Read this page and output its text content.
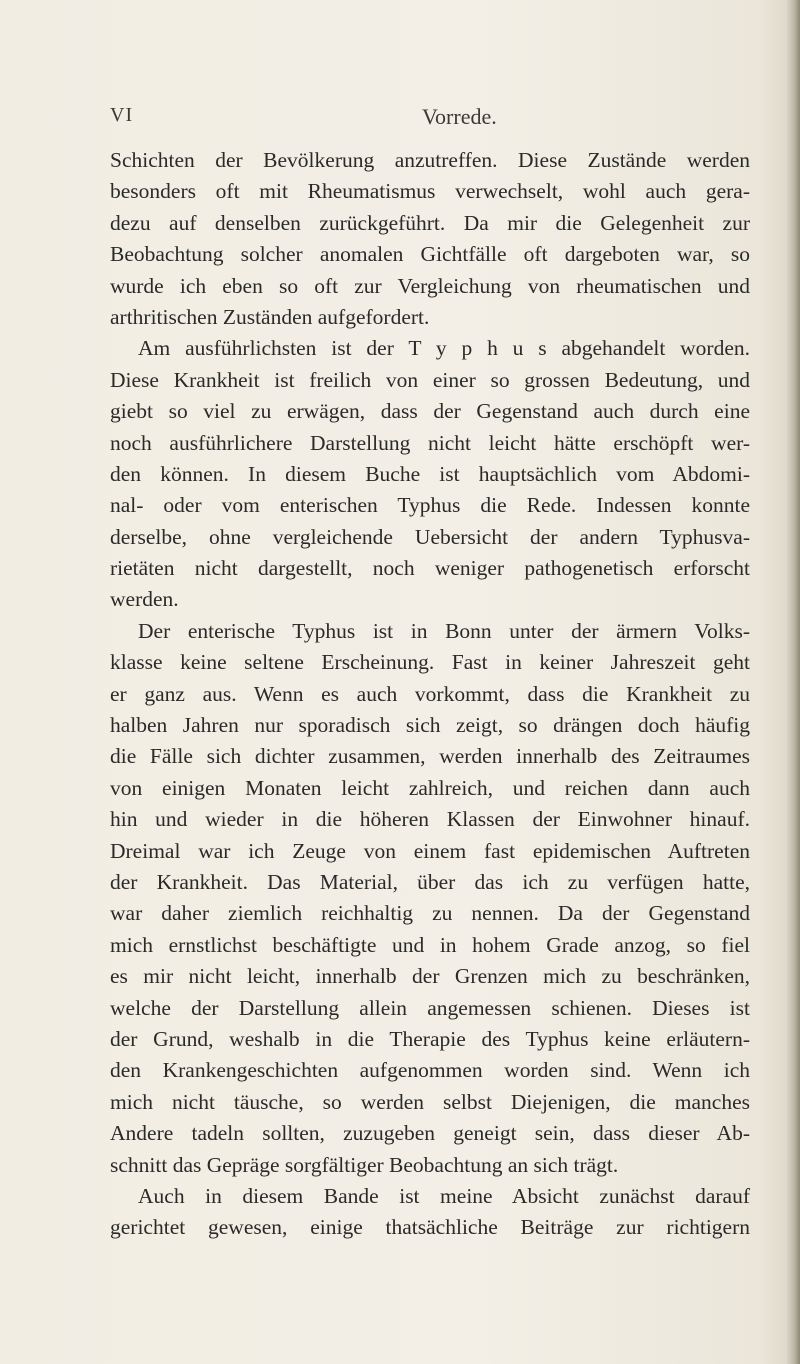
VI	Vorrede.
Schichten der Bevölkerung anzutreffen. Diese Zustände werden
besonders oft mit Rheumatismus verwechselt, wohl auch gera-
dezu auf denselben zurückgeführt. Da mir die Gelegenheit zur
Beobachtung solcher anomalen Gichtfälle oft dargeboten war, so
wurde ich eben so oft zur Vergleichung von rheumatischen und
arthritischen Zuständen aufgefordert.
Am ausführlichsten ist der T y p h u s abgehandelt worden.
Diese Krankheit ist freilich von einer so grossen Bedeutung, und
giebt so viel zu erwägen, dass der Gegenstand auch durch eine
noch ausführlichere Darstellung nicht leicht hätte erschöpft wer-
den können. In diesem Buche ist hauptsächlich vom Abdomi-
nal- oder vom enterischen Typhus die Rede. Indessen konnte
derselbe, ohne vergleichende Uebersicht der andern Typhusva-
rietäten nicht dargestellt, noch weniger pathogenetisch erforscht
werden.
Der enterische Typhus ist in Bonn unter der ärmern Volks-
klasse keine seltene Erscheinung. Fast in keiner Jahreszeit geht
er ganz aus. Wenn es auch vorkommt, dass die Krankheit zu
halben Jahren nur sporadisch sich zeigt, so drängen doch häufig
die Fälle sich dichter zusammen, werden innerhalb des Zeitraumes
von einigen Monaten leicht zahlreich, und reichen dann auch
hin und wieder in die höheren Klassen der Einwohner hinauf.
Dreimal war ich Zeuge von einem fast epidemischen Auftreten
der Krankheit. Das Material, über das ich zu verfügen hatte,
war daher ziemlich reichhaltig zu nennen. Da der Gegenstand
mich ernstlichst beschäftigte und in hohem Grade anzog, so fiel
es mir nicht leicht, innerhalb der Grenzen mich zu beschränken,
welche der Darstellung allein angemessen schienen. Dieses ist
der Grund, weshalb in die Therapie des Typhus keine erläutern-
den Krankengeschichten aufgenommen worden sind. Wenn ich
mich nicht täusche, so werden selbst Diejenigen, die manches
Andere tadeln sollten, zuzugeben geneigt sein, dass dieser Ab-
schnitt das Gepräge sorgfältiger Beobachtung an sich trägt.
Auch in diesem Bande ist meine Absicht zunächst darauf
gerichtet gewesen, einige thatsächliche Beiträge zur richtigern
